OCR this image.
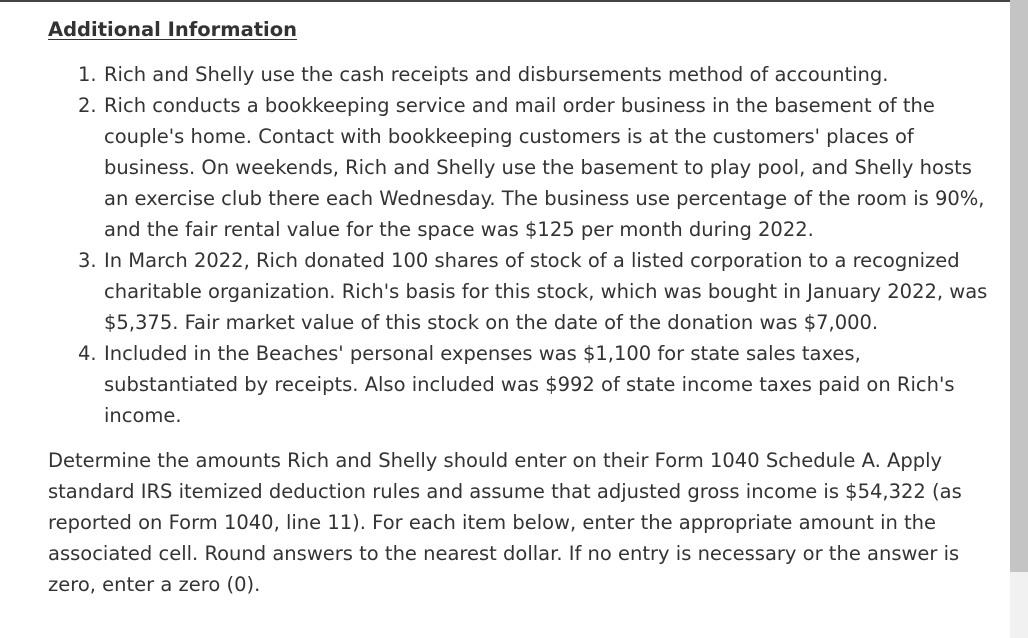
Additional Information
1. Rich and Shelly use the cash receipts and disbursements method of accounting.
2. Rich conducts a bookkeeping service and mail order business in the basement of the couple's home. Contact with bookkeeping customers is at the customers' places of business. On weekends, Rich and Shelly use the basement to play pool, and Shelly hosts an exercise club there each Wednesday. The business use percentage of the room is 90%, and the fair rental value for the space was $125 per month during 2022.
3. In March 2022, Rich donated 100 shares of stock of a listed corporation to a recognized charitable organization. Rich's basis for this stock, which was bought in January 2022, was $5,375. Fair market value of this stock on the date of the donation was $7,000.
4. Included in the Beaches' personal expenses was $1,100 for state sales taxes, substantiated by receipts. Also included was $992 of state income taxes paid on Rich's income.

Determine the amounts Rich and Shelly should enter on their Form 1040 Schedule A. Apply standard IRS itemized deduction rules and assume that adjusted gross income is $54,322 (as reported on Form 1040, line 11). For each item below, enter the appropriate amount in the associated cell. Round answers to the nearest dollar. If no entry is necessary or the answer is zero, enter a zero (0).
